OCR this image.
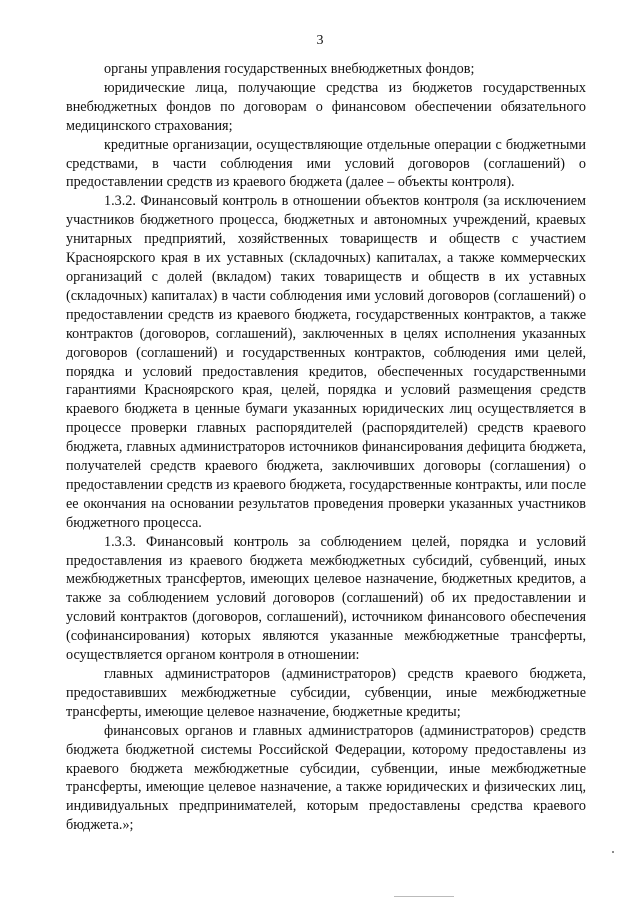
3

органы управления государственных внебюджетных фондов;

юридические лица, получающие средства из бюджетов государственных внебюджетных фондов по договорам о финансовом обеспечении обязательного медицинского страхования;

кредитные организации, осуществляющие отдельные операции с бюджетными средствами, в части соблюдения ими условий договоров (соглашений) о предоставлении средств из краевого бюджета (далее – объекты контроля).

1.3.2. Финансовый контроль в отношении объектов контроля (за исключением участников бюджетного процесса, бюджетных и автономных учреждений, краевых унитарных предприятий, хозяйственных товариществ и обществ с участием Красноярского края в их уставных (складочных) капиталах, а также коммерческих организаций с долей (вкладом) таких товариществ и обществ в их уставных (складочных) капиталах) в части соблюдения ими условий договоров (соглашений) о предоставлении средств из краевого бюджета, государственных контрактов, а также контрактов (договоров, соглашений), заключенных в целях исполнения указанных договоров (соглашений) и государственных контрактов, соблюдения ими целей, порядка и условий предоставления кредитов, обеспеченных государственными гарантиями Красноярского края, целей, порядка и условий размещения средств краевого бюджета в ценные бумаги указанных юридических лиц осуществляется в процессе проверки главных распорядителей (распорядителей) средств краевого бюджета, главных администраторов источников финансирования дефицита бюджета, получателей средств краевого бюджета, заключивших договоры (соглашения) о предоставлении средств из краевого бюджета, государственные контракты, или после ее окончания на основании результатов проведения проверки указанных участников бюджетного процесса.

1.3.3. Финансовый контроль за соблюдением целей, порядка и условий предоставления из краевого бюджета межбюджетных субсидий, субвенций, иных межбюджетных трансфертов, имеющих целевое назначение, бюджетных кредитов, а также за соблюдением условий договоров (соглашений) об их предоставлении и условий контрактов (договоров, соглашений), источником финансового обеспечения (софинансирования) которых являются указанные межбюджетные трансферты, осуществляется органом контроля в отношении:

главных администраторов (администраторов) средств краевого бюджета, предоставивших межбюджетные субсидии, субвенции, иные межбюджетные трансферты, имеющие целевое назначение, бюджетные кредиты;

финансовых органов и главных администраторов (администраторов) средств бюджета бюджетной системы Российской Федерации, которому предоставлены из краевого бюджета межбюджетные субсидии, субвенции, иные межбюджетные трансферты, имеющие целевое назначение, а также юридических и физических лиц, индивидуальных предпринимателей, которым предоставлены средства краевого бюджета.»;
